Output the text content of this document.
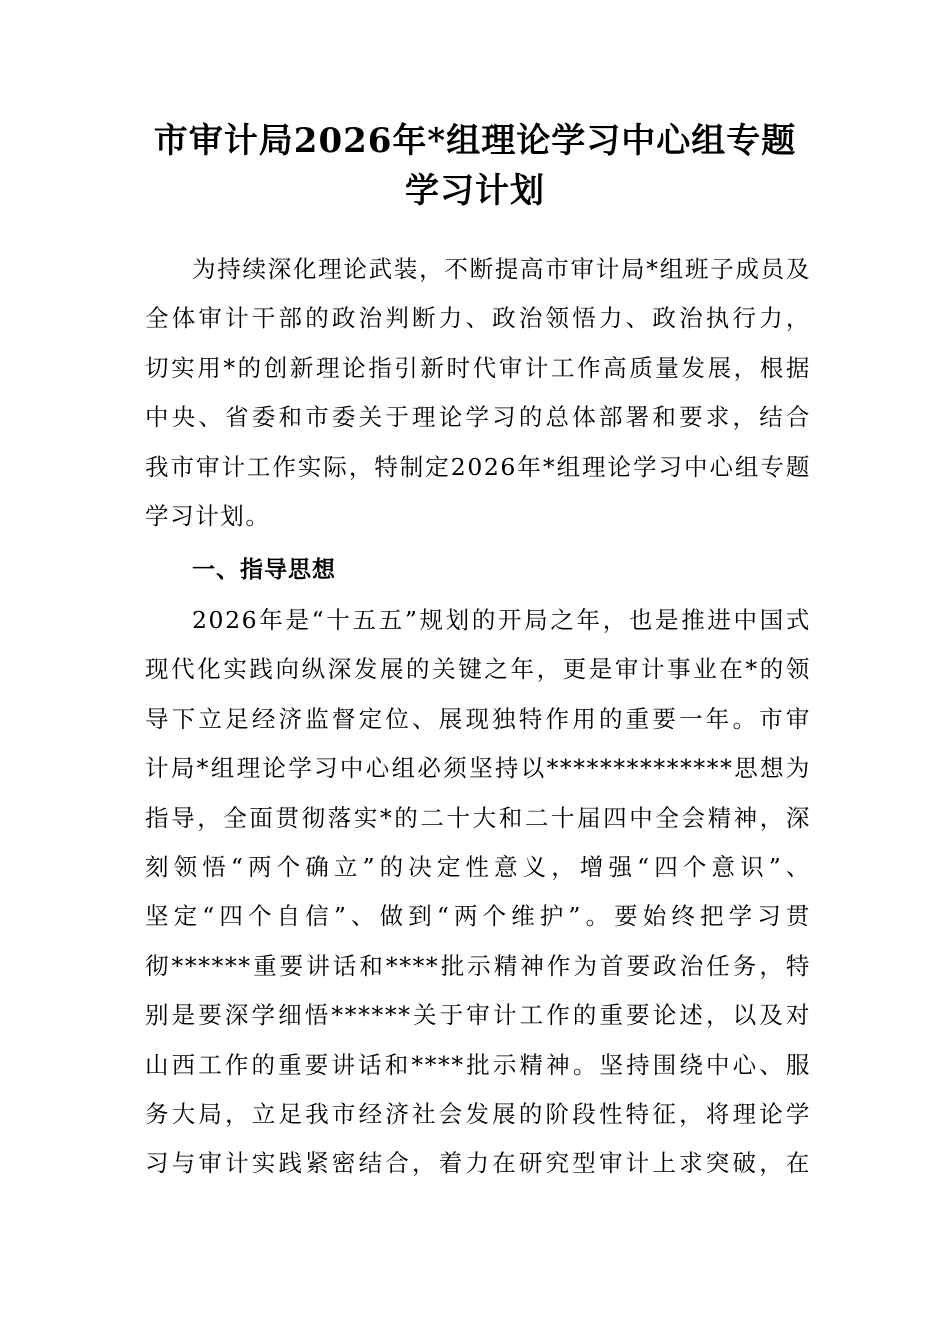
市审计局2026年*组理论学习中心组专题
学习计划
为持续深化理论武装，不断提高市审计局*组班子成员及
全体审计干部的政治判断力、政治领悟力、政治执行力，
切实用*的创新理论指引新时代审计工作高质量发展，根据
中央、省委和市委关于理论学习的总体部署和要求，结合
我市审计工作实际，特制定2026年*组理论学习中心组专题
学习计划。
一、指导思想
2026年是“十五五”规划的开局之年，也是推进中国式
现代化实践向纵深发展的关键之年，更是审计事业在*的领
导下立足经济监督定位、展现独特作用的重要一年。市审
计局*组理论学习中心组必须坚持以**************思想为
指导，全面贯彻落实*的二十大和二十届四中全会精神，深
刻领悟“两个确立”的决定性意义，增强“四个意识”、
坚定“四个自信”、做到“两个维护”。要始终把学习贯
彻******重要讲话和****批示精神作为首要政治任务，特
别是要深学细悟******关于审计工作的重要论述，以及对
山西工作的重要讲话和****批示精神。坚持围绕中心、服
务大局，立足我市经济社会发展的阶段性特征，将理论学
习与审计实践紧密结合，着力在研究型审计上求突破，在
